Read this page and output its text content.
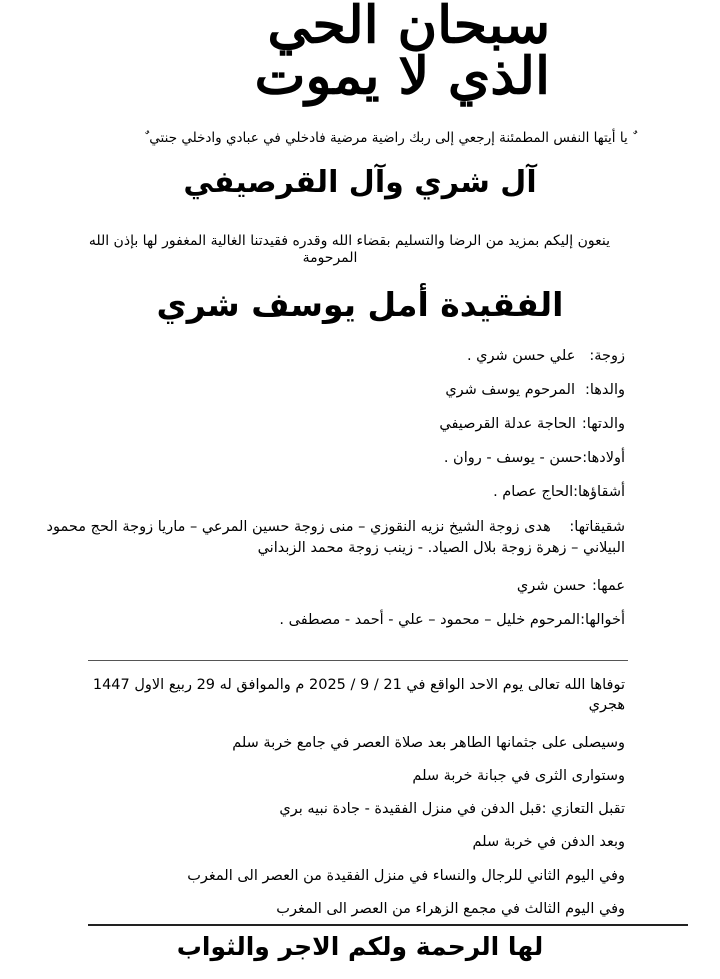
سبحان الحي الذي لا يموت
ٌ يا أيتها النفس المطمئنة إرجعي إلى ربك راضية مرضية فادخلي في عبادي وادخلي جنتي ٌ
آل شري وآل القرصيفي
ينعون إليكم بمزيد من الرضا والتسليم بقضاء الله وقدره فقيدتنا الغالية المغفور لها بإذن الله
المرحومة
الفقيدة أمل يوسف شري
زوجة:علي حسن شري .
والدها:المرحوم يوسف شري
والدتها:الحاجة عدلة القرصيفي
أولادها:حسن - يوسف - روان .
أشقاؤها:الحاج عصام .
شقيقاتها: هدى زوجة الشيخ نزيه النقوزي – منى زوجة حسين المرعي – ماريا زوجة الحج محمود البيلاني – زهرة زوجة بلال الصياد. - زينب زوجة محمد الزبداني
عمها:حسن شري
أخوالها:المرحوم خليل – محمود – علي - أحمد - مصطفى .
توفاها الله تعالى يوم الاحد الواقع في 21 / 9 / 2025 م والموافق له 29 ربيع الاول 1447 هجري
وسيصلى على جثمانها الطاهر بعد صلاة العصر في جامع خربة سلم
وستوارى الثرى في جبانة خربة سلم
تقبل التعازي :قبل الدفن في منزل الفقيدة - جادة نبيه بري
وبعد الدفن في خربة سلم
وفي اليوم الثاني للرجال والنساء في منزل الفقيدة من العصر الى المغرب
وفي اليوم الثالث في مجمع الزهراء من العصر الى المغرب
لها الرحمة ولكم الاجر والثواب
